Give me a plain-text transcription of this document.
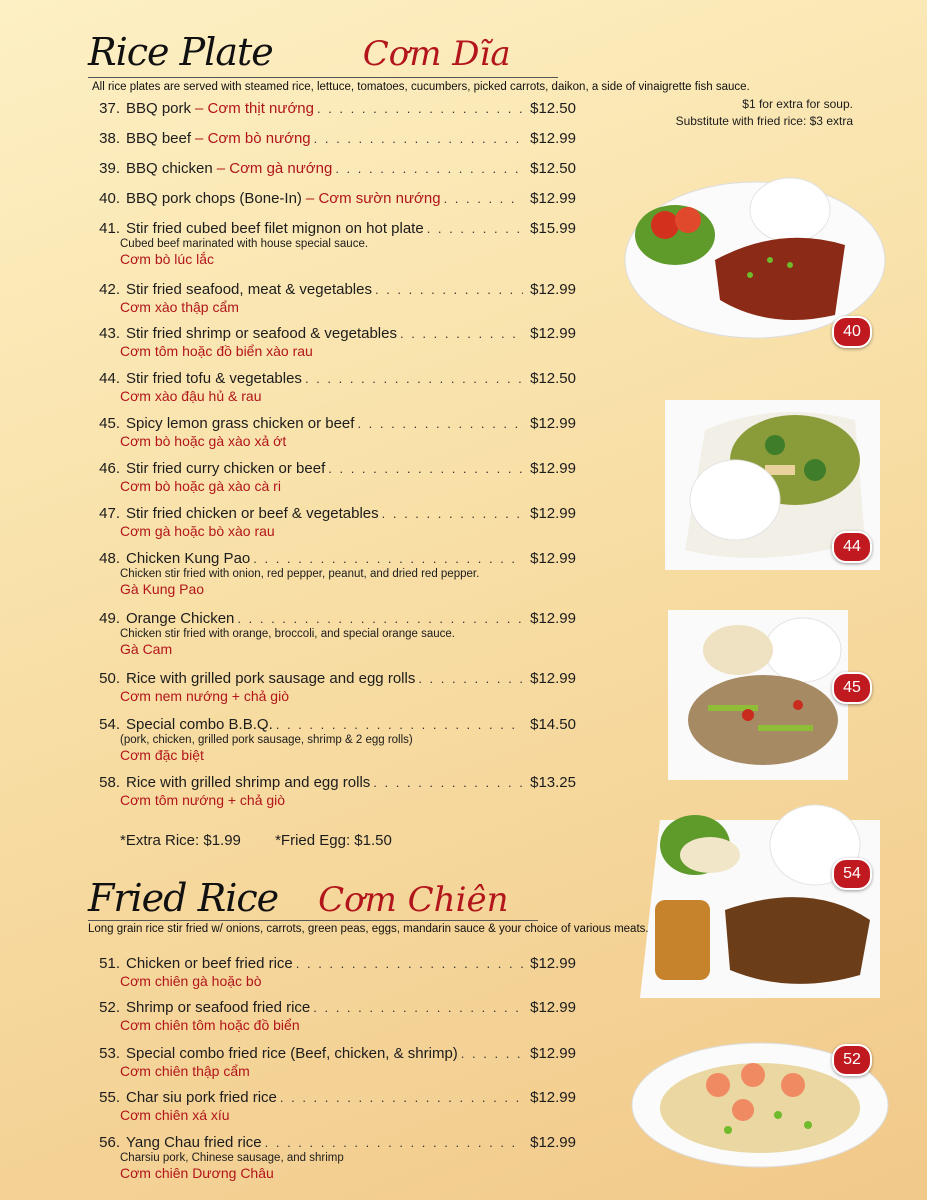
Rice Plate	Cơm Dĩa
All rice plates are served with steamed rice, lettuce, tomatoes, cucumbers, picked carrots, daikon, a side of vinaigrette fish sauce.
$1 for extra for soup.
Substitute with fried rice: $3 extra
37. BBQ pork – Cơm thịt nướng . . .	$12.50
38. BBQ beef – Cơm bò nướng . . .	$12.99
39. BBQ chicken – Cơm gà nướng . . .	$12.50
40. BBQ pork chops (Bone-In) – Cơm sườn nướng . . .	$12.99
41. Stir fried cubed beef filet mignon on hot plate . . .	$15.99
Cubed beef marinated with house special sauce.
Cơm bò lúc lắc
42. Stir fried seafood, meat & vegetables . . .	$12.99
Cơm xào thập cẩm
43. Stir fried shrimp or seafood & vegetables . . .	$12.99
Cơm tôm hoặc đồ biển xào rau
44. Stir fried tofu & vegetables . . .	$12.50
Cơm xào đậu hủ & rau
45. Spicy lemon grass chicken or beef . . .	$12.99
Cơm bò hoặc gà xào xả ớt
46. Stir fried curry chicken or beef . . .	$12.99
Cơm bò hoặc gà xào cà ri
47. Stir fried chicken or beef & vegetables . . .	$12.99
Cơm gà hoặc bò xào rau
48. Chicken Kung Pao . . .	$12.99
Chicken stir fried with onion, red pepper, peanut, and dried red pepper.
Gà Kung Pao
49. Orange Chicken . . .	$12.99
Chicken stir fried with orange, broccoli, and special orange sauce.
Gà Cam
50. Rice with grilled pork sausage and egg rolls . . .	$12.99
Cơm nem nướng + chả giò
54. Special combo B.B.Q. . . .	$14.50
(pork, chicken, grilled pork sausage, shrimp & 2 egg rolls)
Cơm đặc biệt
58. Rice with grilled shrimp and egg rolls . . .	$13.25
Cơm tôm nướng + chả giò
*Extra Rice: $1.99 *Fried Egg: $1.50
Fried Rice Cơm Chiên
Long grain rice stir fried w/ onions, carrots, green peas, eggs, mandarin sauce & your choice of various meats.
51. Chicken or beef fried rice . . .	$12.99
Cơm chiên gà hoặc bò
52. Shrimp or seafood fried rice . . .	$12.99
Cơm chiên tôm hoặc đồ biển
53. Special combo fried rice (Beef, chicken, & shrimp) . . .	$12.99
Cơm chiên thập cẩm
55. Char siu pork fried rice . . .	$12.99
Cơm chiên xá xíu
56. Yang Chau fried rice . . .	$12.99
Charsiu pork, Chinese sausage, and shrimp
Cơm chiên Dương Châu
40
44
45
54
52
